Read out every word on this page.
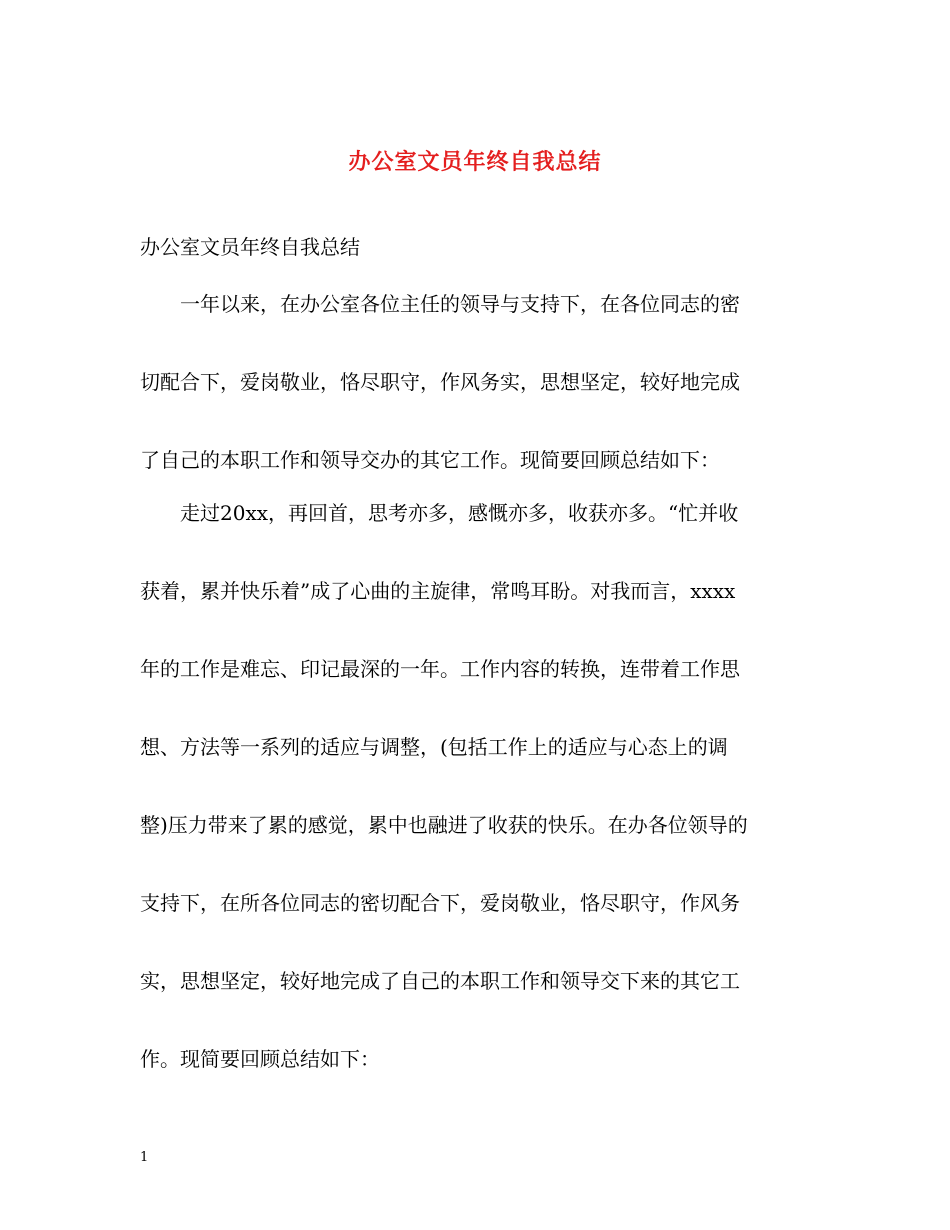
办公室文员年终自我总结
办公室文员年终自我总结
一年以来，在办公室各位主任的领导与支持下，在各位同志的密
切配合下，爱岗敬业，恪尽职守，作风务实，思想坚定，较好地完成
了自己的本职工作和领导交办的其它工作。现简要回顾总结如下：
走过20xx，再回首，思考亦多，感慨亦多，收获亦多。“忙并收
获着，累并快乐着”成了心曲的主旋律，常鸣耳盼。对我而言，xxxx
年的工作是难忘、印记最深的一年。工作内容的转换，连带着工作思
想、方法等一系列的适应与调整，(包括工作上的适应与心态上的调
整)压力带来了累的感觉，累中也融进了收获的快乐。在办各位领导的
支持下，在所各位同志的密切配合下，爱岗敬业，恪尽职守，作风务
实，思想坚定，较好地完成了自己的本职工作和领导交下来的其它工
作。现简要回顾总结如下：
1
